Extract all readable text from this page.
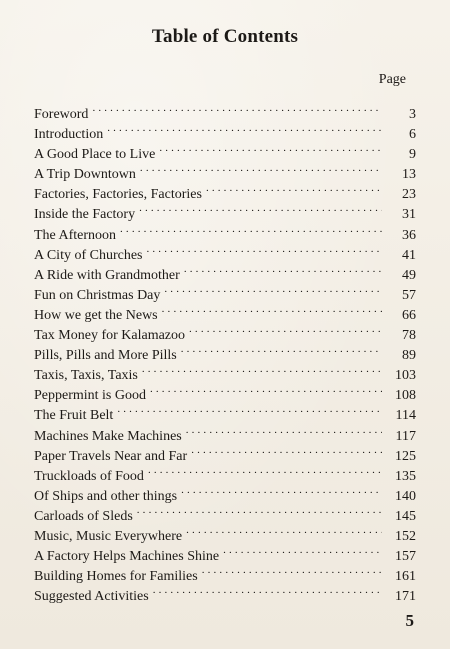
Table of Contents
Page
Foreword . . .	3
Introduction . . .	6
A Good Place to Live . . .	9
A Trip Downtown . . .	13
Factories, Factories, Factories . . .	23
Inside the Factory . . .	31
The Afternoon . . .	36
A City of Churches . . .	41
A Ride with Grandmother . . .	49
Fun on Christmas Day . . .	57
How we get the News . . .	66
Tax Money for Kalamazoo . . .	78
Pills, Pills and More Pills . . .	89
Taxis, Taxis, Taxis . . .	103
Peppermint is Good . . .	108
The Fruit Belt . . .	114
Machines Make Machines . . .	117
Paper Travels Near and Far . . .	125
Truckloads of Food . . .	135
Of Ships and other things . . .	140
Carloads of Sleds . . .	145
Music, Music Everywhere . . .	152
A Factory Helps Machines Shine . . .	157
Building Homes for Families . . .	161
Suggested Activities . . .	171
5
